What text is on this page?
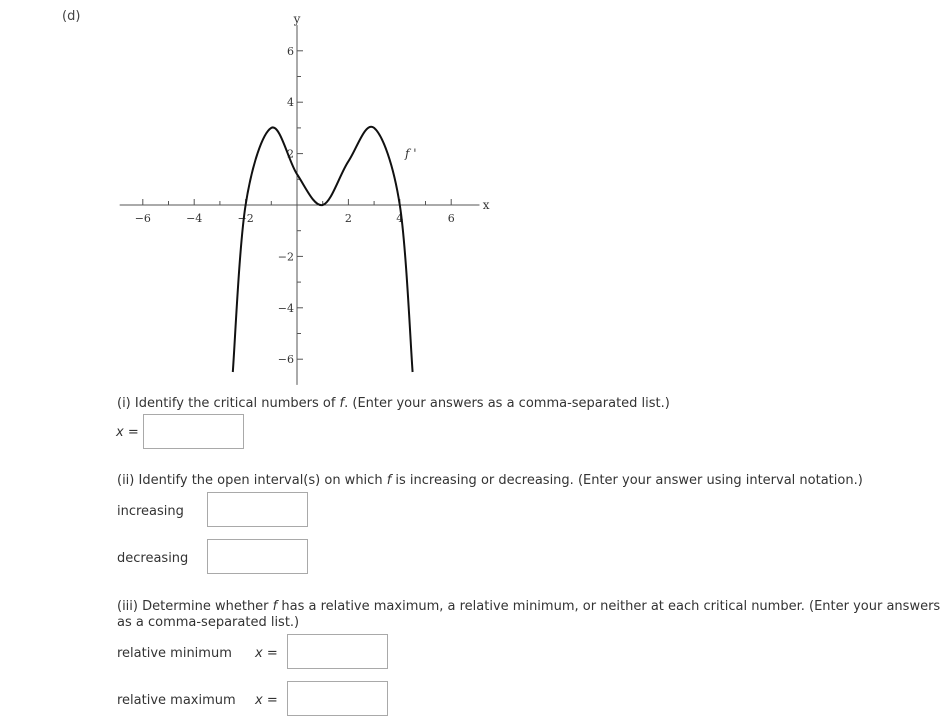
(d)
−6	−4	−2	2	4	6
6
4
2
−2
−4
−6
x
y
f '
(i) Identify the critical numbers of f. (Enter your answers as a comma-separated list.)
x =
(ii) Identify the open interval(s) on which f is increasing or decreasing. (Enter your answer using interval notation.)
increasing
decreasing
(iii) Determine whether f has a relative maximum, a relative minimum, or neither at each critical number. (Enter your answers
as a comma-separated list.)
relative minimum x =
relative maximum x =
